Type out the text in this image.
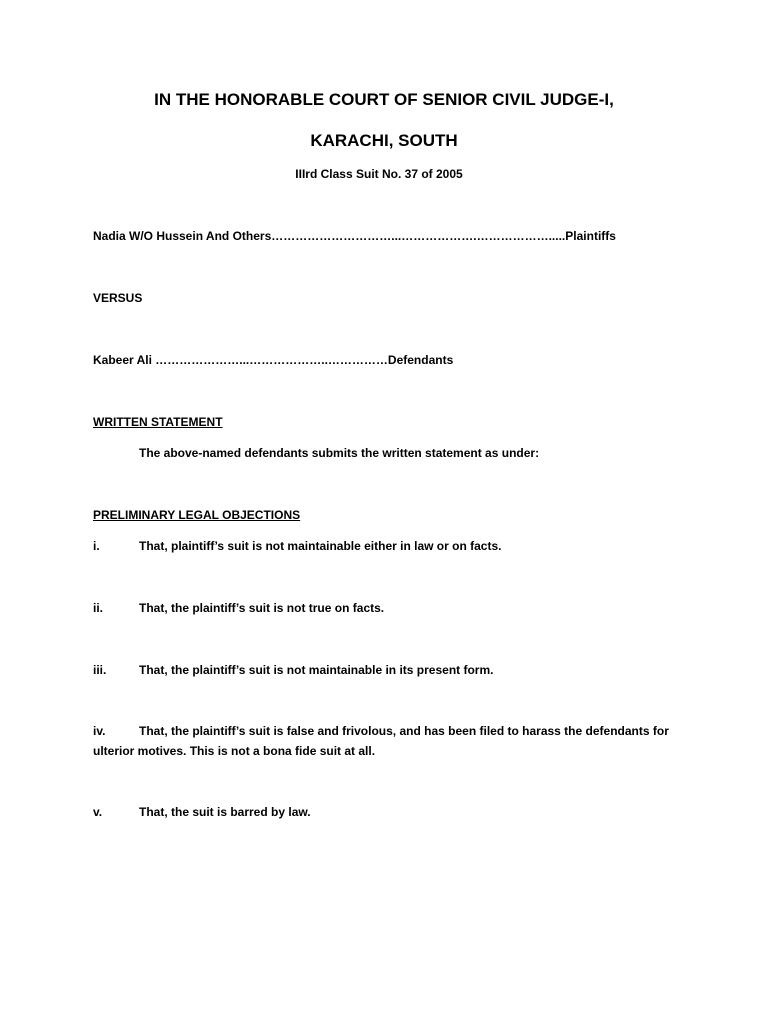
IN THE HONORABLE COURT OF SENIOR CIVIL JUDGE-I,
KARACHI, SOUTH
IIIrd Class Suit No. 37 of 2005
Nadia W/O Hussein And Others…………………………...……………….……………….....Plaintiffs
VERSUS
Kabeer Ali …………………...………………..……………Defendants
WRITTEN STATEMENT
The above-named defendants submits the written statement as under:
PRELIMINARY LEGAL OBJECTIONS
i.	That, plaintiff’s suit is not maintainable either in law or on facts.
ii.	That, the plaintiff’s suit is not true on facts.
iii.	That, the plaintiff’s suit is not maintainable in its present form.
iv.	That, the plaintiff’s suit is false and frivolous, and has been filed to harass the defendants for ulterior motives. This is not a bona fide suit at all.
v.	That, the suit is barred by law.
